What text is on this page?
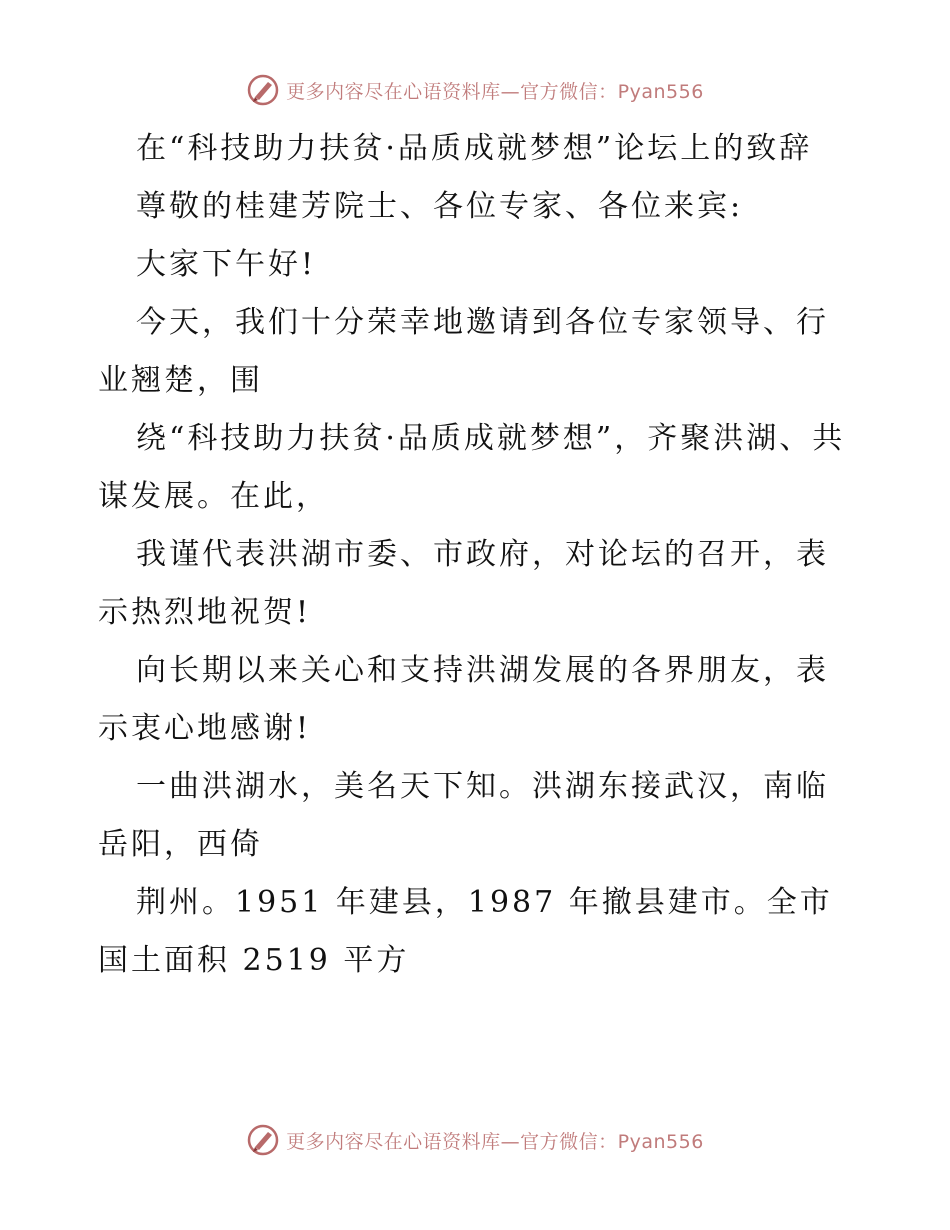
更多内容尽在心语资料库—官方微信：Pyan556

在“科技助力扶贫·品质成就梦想”论坛上的致辞

尊敬的桂建芳院士、各位专家、各位来宾:

大家下午好!

今天，我们十分荣幸地邀请到各位专家领导、行业翘楚，围

绕“科技助力扶贫·品质成就梦想”，齐聚洪湖、共谋发展。在此，

我谨代表洪湖市委、市政府，对论坛的召开，表示热烈地祝贺!

向长期以来关心和支持洪湖发展的各界朋友，表示衷心地感谢!

一曲洪湖水，美名天下知。洪湖东接武汉，南临岳阳，西倚

荆州。1951 年建县，1987 年撤县建市。全市国土面积 2519 平方

更多内容尽在心语资料库—官方微信：Pyan556
